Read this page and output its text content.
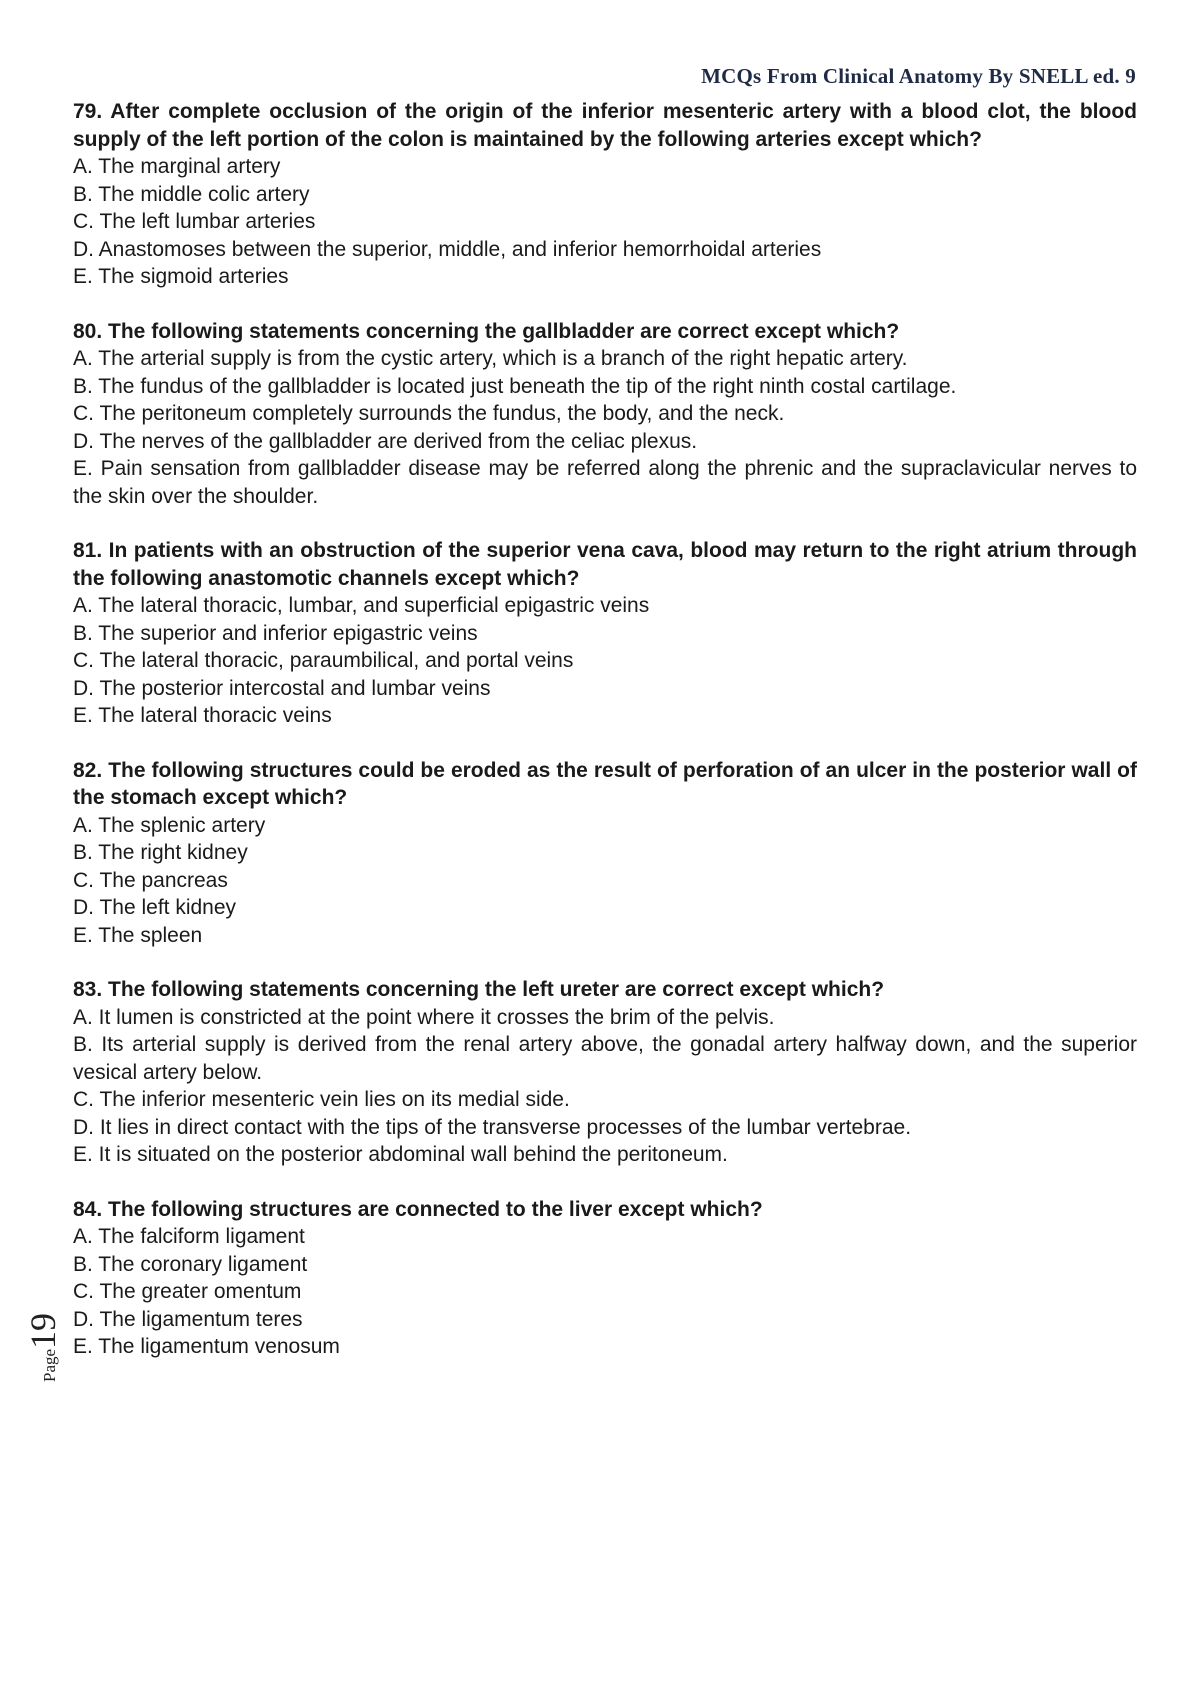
MCQs From Clinical Anatomy By SNELL ed. 9

79. After complete occlusion of the origin of the inferior mesenteric artery with a blood clot, the blood supply of the left portion of the colon is maintained by the following arteries except which?

A. The marginal artery

B. The middle colic artery

C. The left lumbar arteries

D. Anastomoses between the superior, middle, and inferior hemorrhoidal arteries

E. The sigmoid arteries

80. The following statements concerning the gallbladder are correct except which?

A. The arterial supply is from the cystic artery, which is a branch of the right hepatic artery.

B. The fundus of the gallbladder is located just beneath the tip of the right ninth costal cartilage.

C. The peritoneum completely surrounds the fundus, the body, and the neck.

D. The nerves of the gallbladder are derived from the celiac plexus.

E. Pain sensation from gallbladder disease may be referred along the phrenic and the supraclavicular nerves to the skin over the shoulder.

81. In patients with an obstruction of the superior vena cava, blood may return to the right atrium through the following anastomotic channels except which?

A. The lateral thoracic, lumbar, and superficial epigastric veins

B. The superior and inferior epigastric veins

C. The lateral thoracic, paraumbilical, and portal veins

D. The posterior intercostal and lumbar veins

E. The lateral thoracic veins

82. The following structures could be eroded as the result of perforation of an ulcer in the posterior wall of the stomach except which?

A. The splenic artery

B. The right kidney

C. The pancreas

D. The left kidney

E. The spleen

83. The following statements concerning the left ureter are correct except which?

A. It lumen is constricted at the point where it crosses the brim of the pelvis.

B. Its arterial supply is derived from the renal artery above, the gonadal artery halfway down, and the superior vesical artery below.

C. The inferior mesenteric vein lies on its medial side.

D. It lies in direct contact with the tips of the transverse processes of the lumbar vertebrae.

E. It is situated on the posterior abdominal wall behind the peritoneum.

84. The following structures are connected to the liver except which?

A. The falciform ligament

B. The coronary ligament

C. The greater omentum

D. The ligamentum teres

E. The ligamentum venosum

Page19
